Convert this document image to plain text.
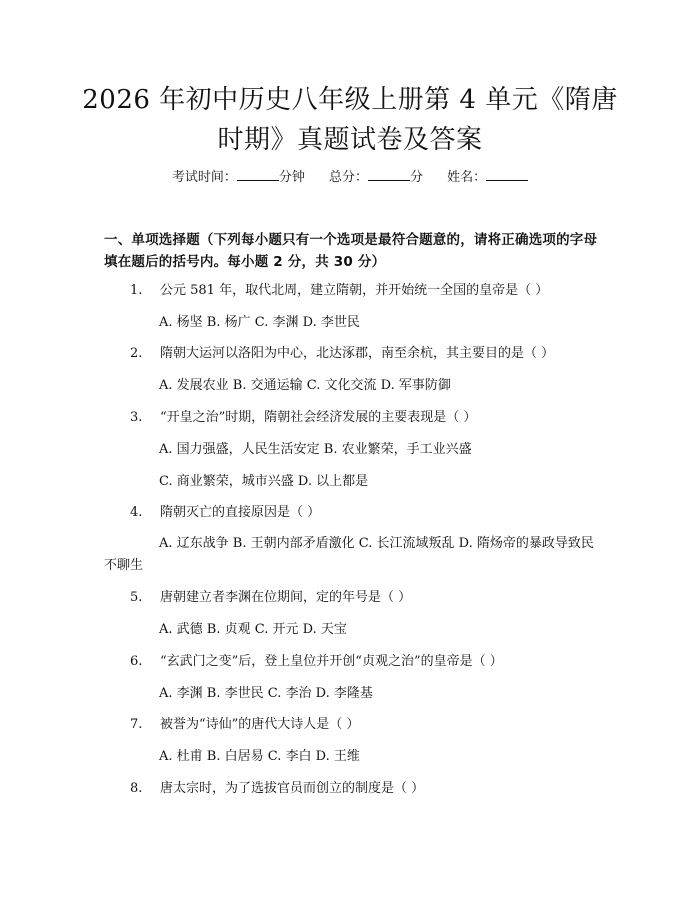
2026 年初中历史八年级上册第 4 单元《隋唐
时期》真题试卷及答案
考试时间：	分钟 总分：	分 姓名：
一、单项选择题（下列每小题只有一个选项是最符合题意的，请将正确选项的字母填在题后的括号内。每小题 2 分，共 30 分）
1. 公元 581 年，取代北周，建立隋朝，并开始统一全国的皇帝是（ ）
A. 杨坚 B. 杨广 C. 李渊 D. 李世民
2. 隋朝大运河以洛阳为中心，北达涿郡，南至余杭，其主要目的是（ ）
A. 发展农业 B. 交通运输 C. 文化交流 D. 军事防御
3. “开皇之治”时期，隋朝社会经济发展的主要表现是（ ）
A. 国力强盛，人民生活安定 B. 农业繁荣，手工业兴盛
C. 商业繁荣，城市兴盛 D. 以上都是
4. 隋朝灭亡的直接原因是（ ）
A. 辽东战争 B. 王朝内部矛盾激化 C. 长江流域叛乱 D. 隋炀帝的暴政导致民不聊生
5. 唐朝建立者李渊在位期间，定的年号是（ ）
A. 武德 B. 贞观 C. 开元 D. 天宝
6. “玄武门之变”后，登上皇位并开创“贞观之治”的皇帝是（ ）
A. 李渊 B. 李世民 C. 李治 D. 李隆基
7. 被誉为“诗仙”的唐代大诗人是（ ）
A. 杜甫 B. 白居易 C. 李白 D. 王维
8. 唐太宗时，为了选拔官员而创立的制度是（ ）
